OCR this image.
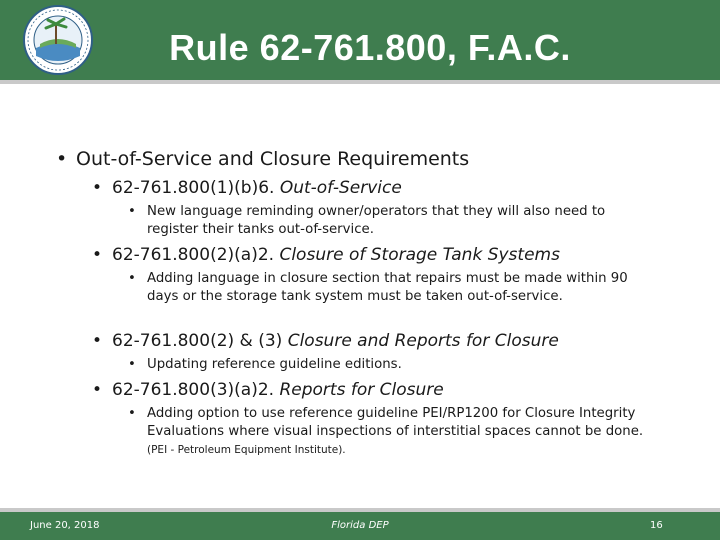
Rule 62-761.800, F.A.C.
• Out-of-Service and Closure Requirements
• 62-761.800(1)(b)6. Out-of-Service
• New language reminding owner/operators that they will also need to register their tanks out-of-service.
• 62-761.800(2)(a)2. Closure of Storage Tank Systems
• Adding language in closure section that repairs must be made within 90 days or the storage tank system must be taken out-of-service.
• 62-761.800(2) & (3) Closure and Reports for Closure
• Updating reference guideline editions.
• 62-761.800(3)(a)2. Reports for Closure
• Adding option to use reference guideline PEI/RP1200 for Closure Integrity Evaluations where visual inspections of interstitial spaces cannot be done. (PEI - Petroleum Equipment Institute).
June 20, 2018	Florida DEP	16
